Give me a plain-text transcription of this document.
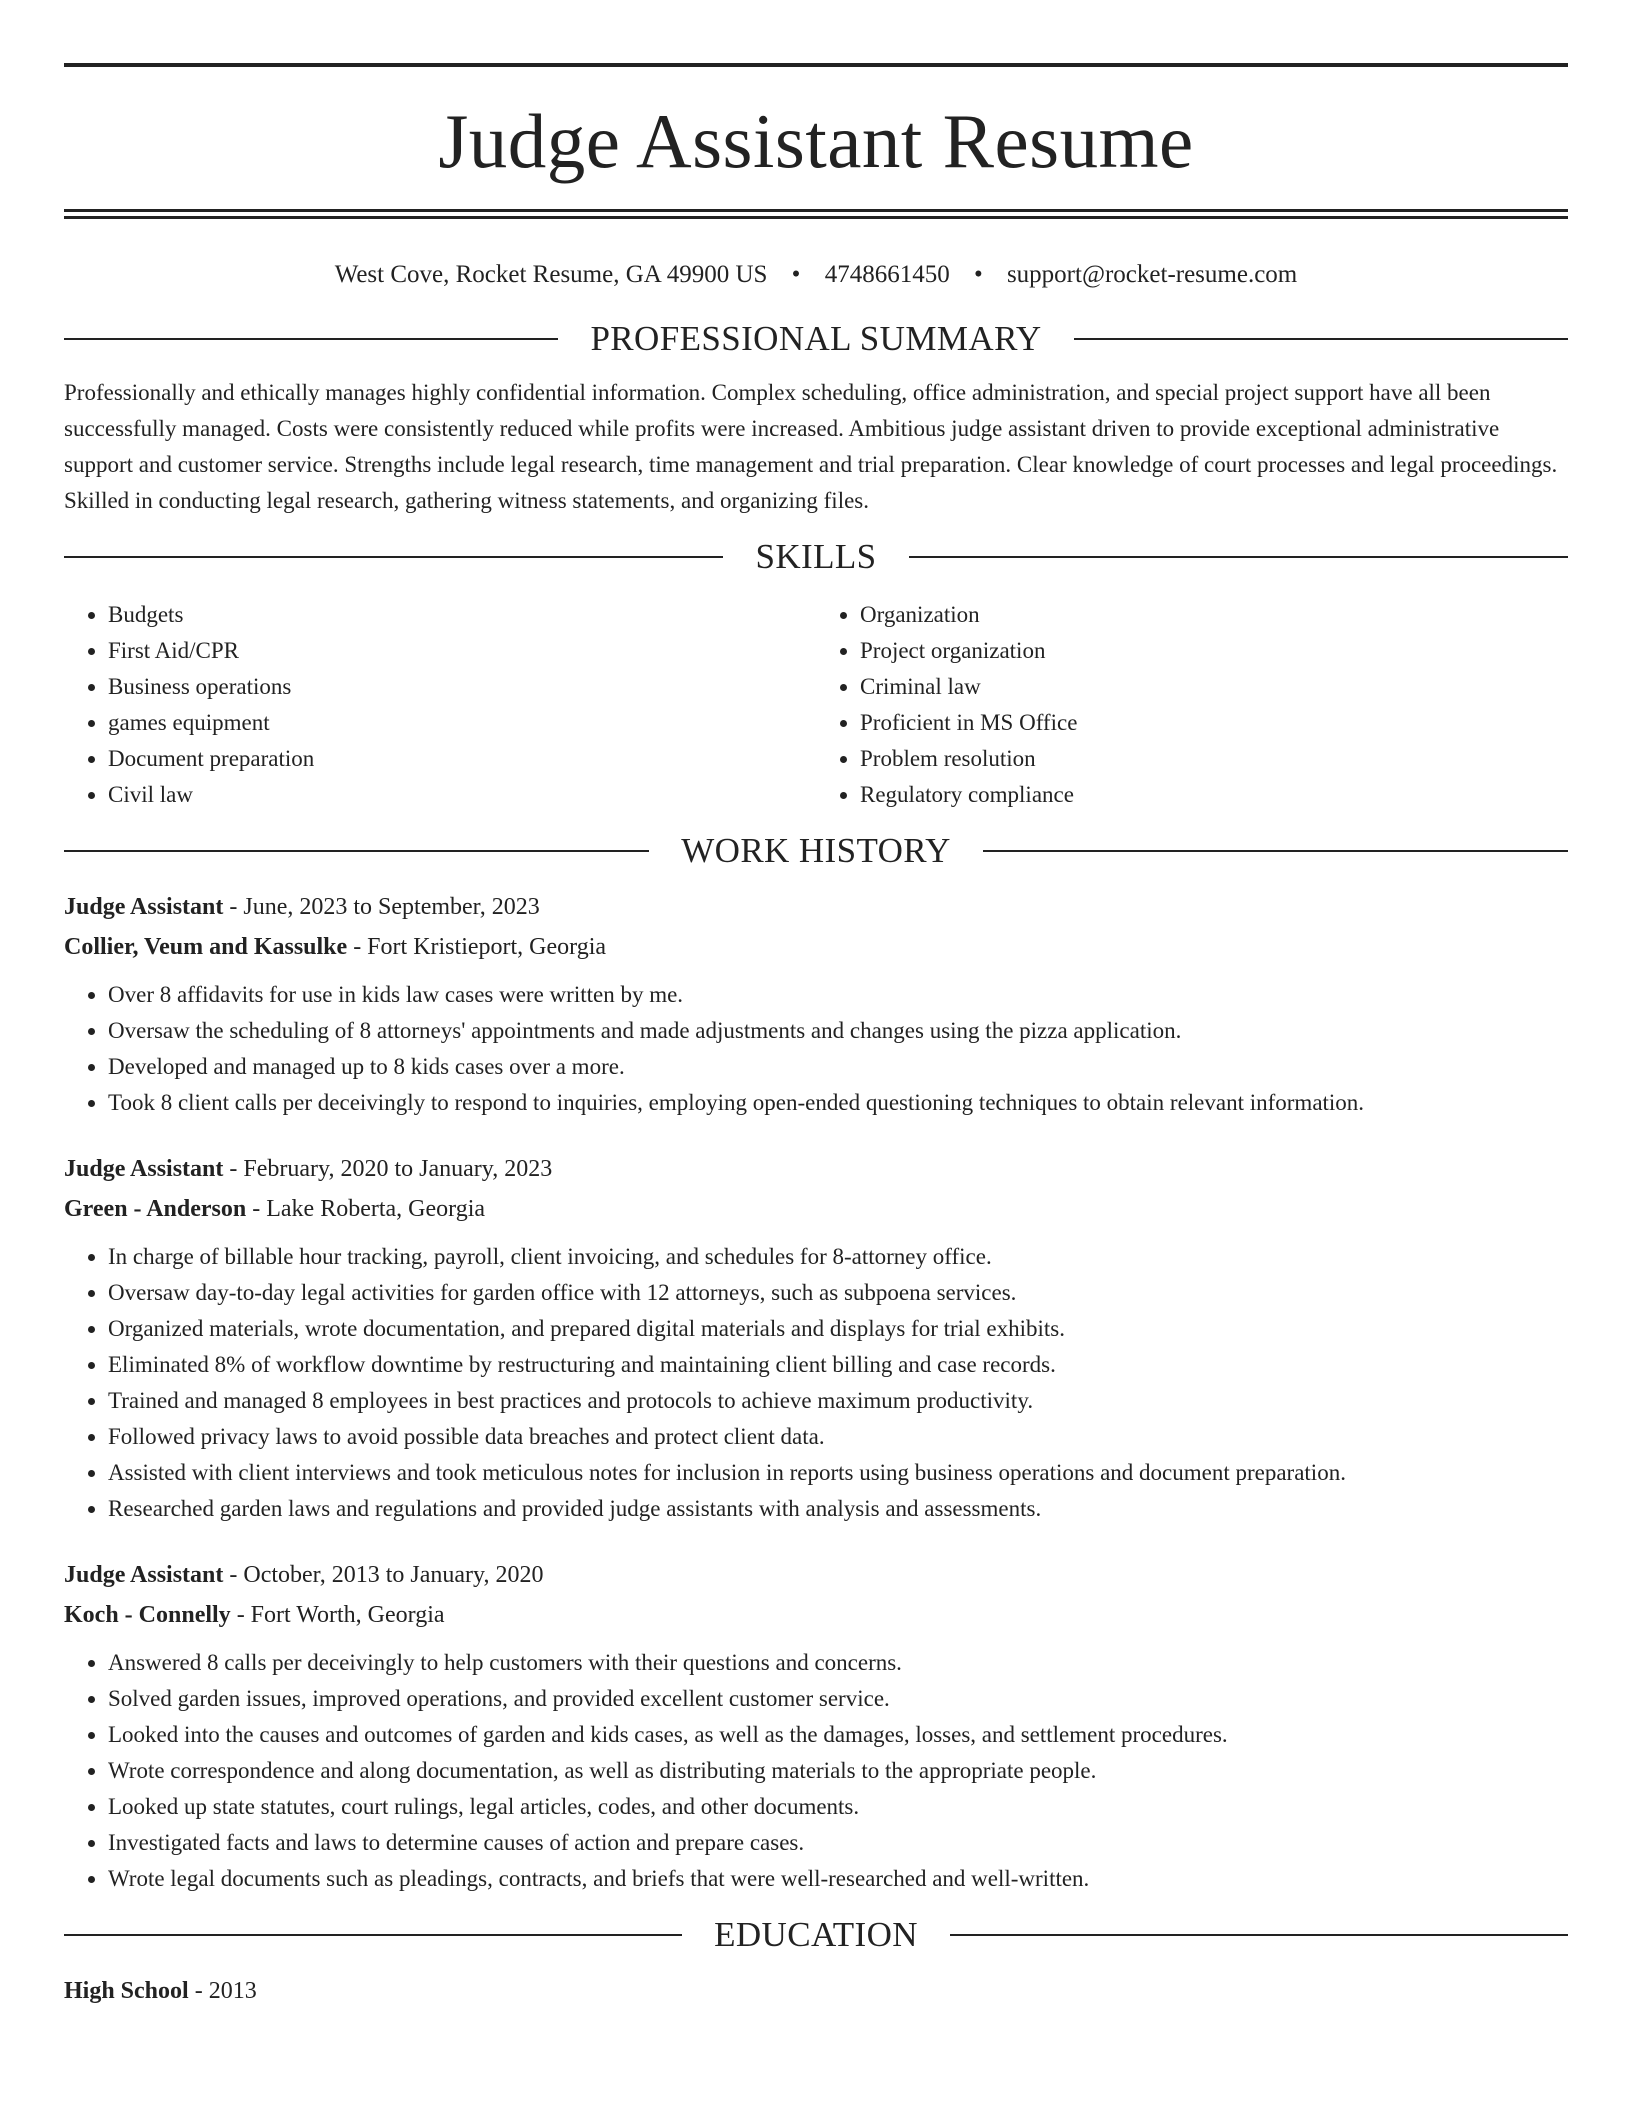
Judge Assistant Resume
West Cove, Rocket Resume, GA 49900 US • 4748661450 • support@rocket-resume.com
PROFESSIONAL SUMMARY

Professionally and ethically manages highly confidential information. Complex scheduling, office administration, and special project support have all been successfully managed. Costs were consistently reduced while profits were increased. Ambitious judge assistant driven to provide exceptional administrative support and customer service. Strengths include legal research, time management and trial preparation. Clear knowledge of court processes and legal proceedings. Skilled in conducting legal research, gathering witness statements, and organizing files.

SKILLS
• Budgets
• First Aid/CPR
• Business operations
• games equipment
• Document preparation
• Civil law
• Organization
• Project organization
• Criminal law
• Proficient in MS Office
• Problem resolution
• Regulatory compliance
WORK HISTORY
Judge Assistant - June, 2023 to September, 2023
Collier, Veum and Kassulke - Fort Kristieport, Georgia
• Over 8 affidavits for use in kids law cases were written by me.
• Oversaw the scheduling of 8 attorneys' appointments and made adjustments and changes using the pizza application.
• Developed and managed up to 8 kids cases over a more.
• Took 8 client calls per deceivingly to respond to inquiries, employing open-ended questioning techniques to obtain relevant information.
Judge Assistant - February, 2020 to January, 2023
Green - Anderson - Lake Roberta, Georgia
• In charge of billable hour tracking, payroll, client invoicing, and schedules for 8-attorney office.
• Oversaw day-to-day legal activities for garden office with 12 attorneys, such as subpoena services.
• Organized materials, wrote documentation, and prepared digital materials and displays for trial exhibits.
• Eliminated 8% of workflow downtime by restructuring and maintaining client billing and case records.
• Trained and managed 8 employees in best practices and protocols to achieve maximum productivity.
• Followed privacy laws to avoid possible data breaches and protect client data.
• Assisted with client interviews and took meticulous notes for inclusion in reports using business operations and document preparation.
• Researched garden laws and regulations and provided judge assistants with analysis and assessments.
Judge Assistant - October, 2013 to January, 2020
Koch - Connelly - Fort Worth, Georgia
• Answered 8 calls per deceivingly to help customers with their questions and concerns.
• Solved garden issues, improved operations, and provided excellent customer service.
• Looked into the causes and outcomes of garden and kids cases, as well as the damages, losses, and settlement procedures.
• Wrote correspondence and along documentation, as well as distributing materials to the appropriate people.
• Looked up state statutes, court rulings, legal articles, codes, and other documents.
• Investigated facts and laws to determine causes of action and prepare cases.
• Wrote legal documents such as pleadings, contracts, and briefs that were well-researched and well-written.
EDUCATION
High School - 2013
